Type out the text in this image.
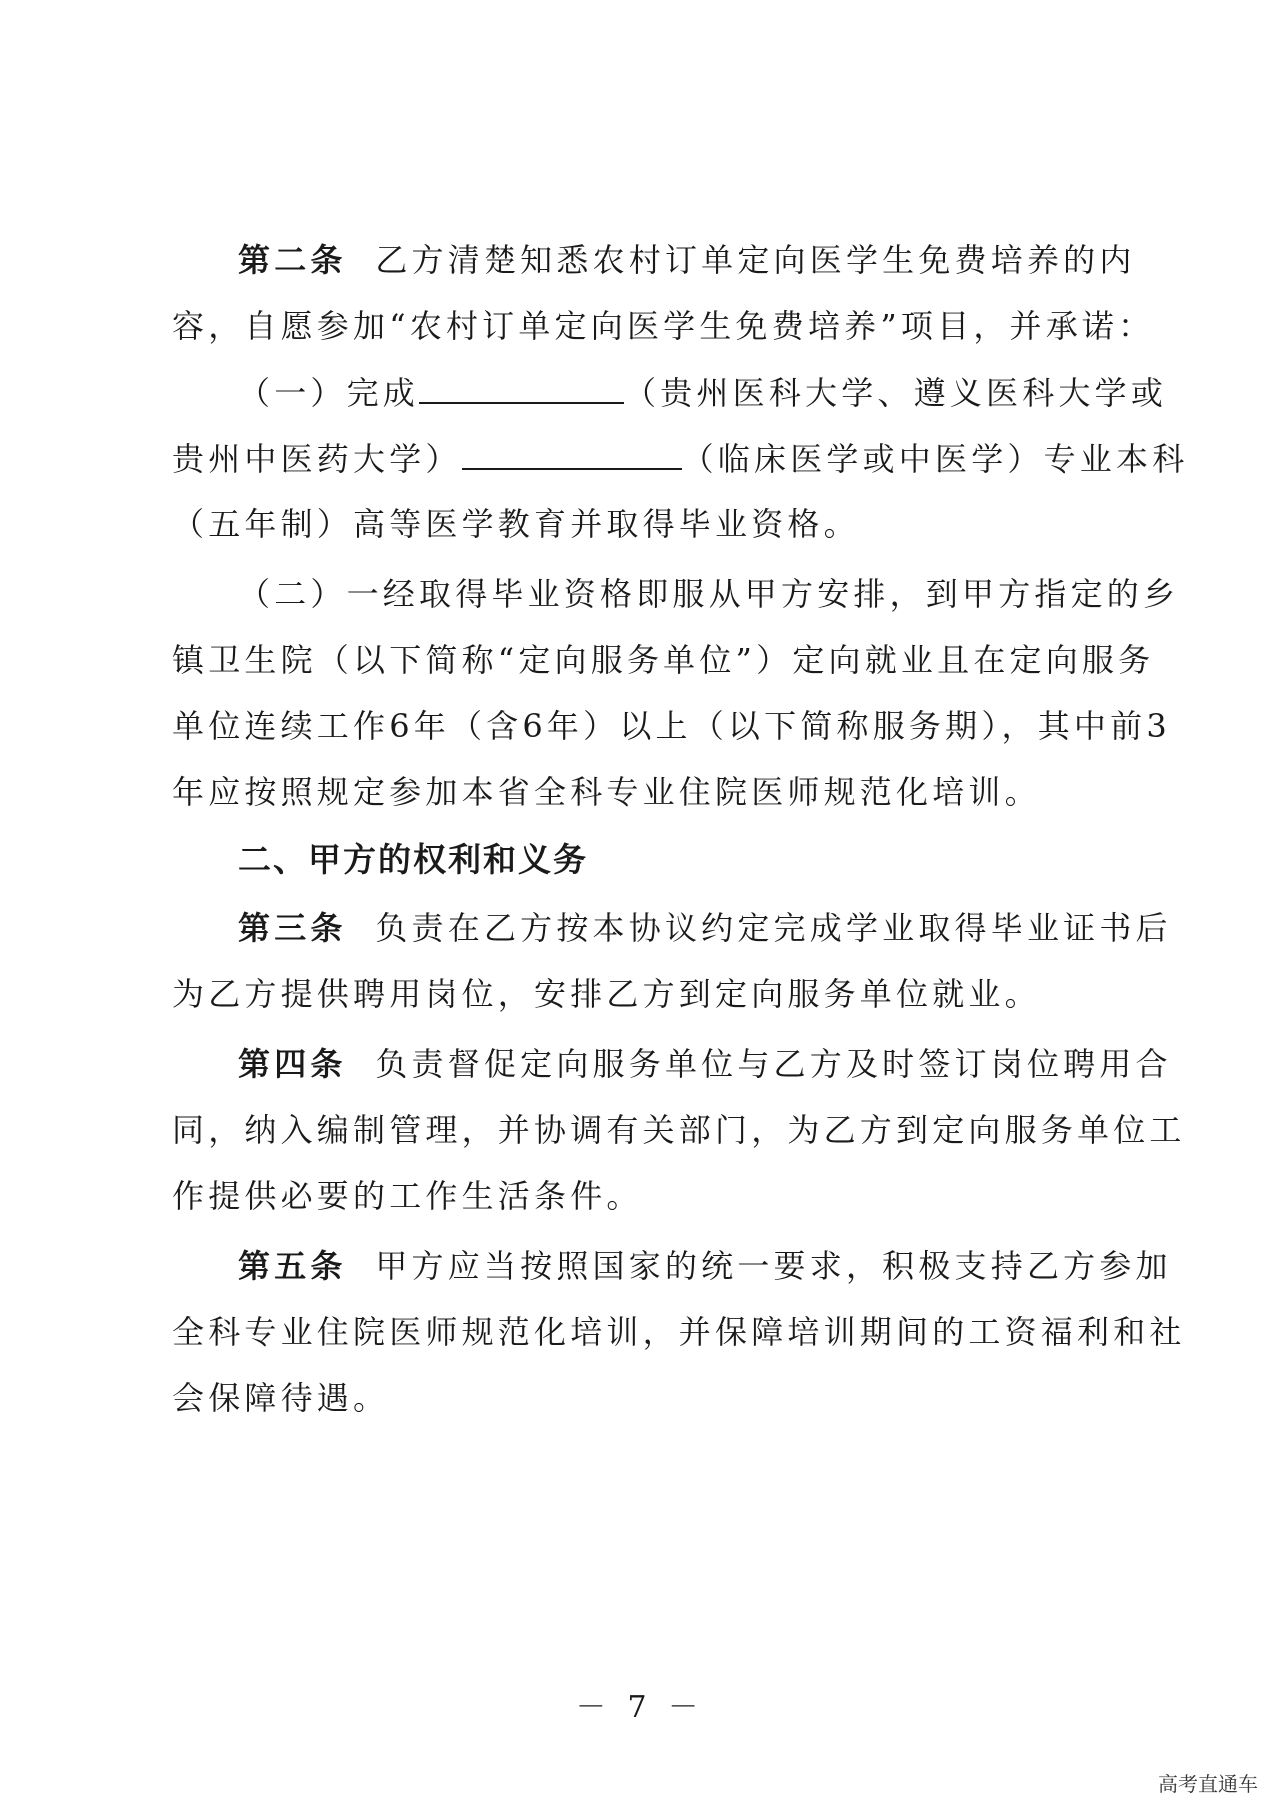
第二条 乙方清楚知悉农村订单定向医学生免费培养的内
容，自愿参加“农村订单定向医学生免费培养”项目，并承诺：
（一）完成	（贵州医科大学、遵义医科大学或
贵州中医药大学）	（临床医学或中医学）专业本科
（五年制）高等医学教育并取得毕业资格。
（二）一经取得毕业资格即服从甲方安排，到甲方指定的乡
镇卫生院（以下简称“定向服务单位”）定向就业且在定向服务
单位连续工作6年（含6年）以上（以下简称服务期），其中前3
年应按照规定参加本省全科专业住院医师规范化培训。
二、甲方的权利和义务
第三条 负责在乙方按本协议约定完成学业取得毕业证书后
为乙方提供聘用岗位，安排乙方到定向服务单位就业。
第四条 负责督促定向服务单位与乙方及时签订岗位聘用合
同，纳入编制管理，并协调有关部门，为乙方到定向服务单位工
作提供必要的工作生活条件。
第五条 甲方应当按照国家的统一要求，积极支持乙方参加
全科专业住院医师规范化培训，并保障培训期间的工资福利和社
会保障待遇。
－ 7 －
高考直通车
